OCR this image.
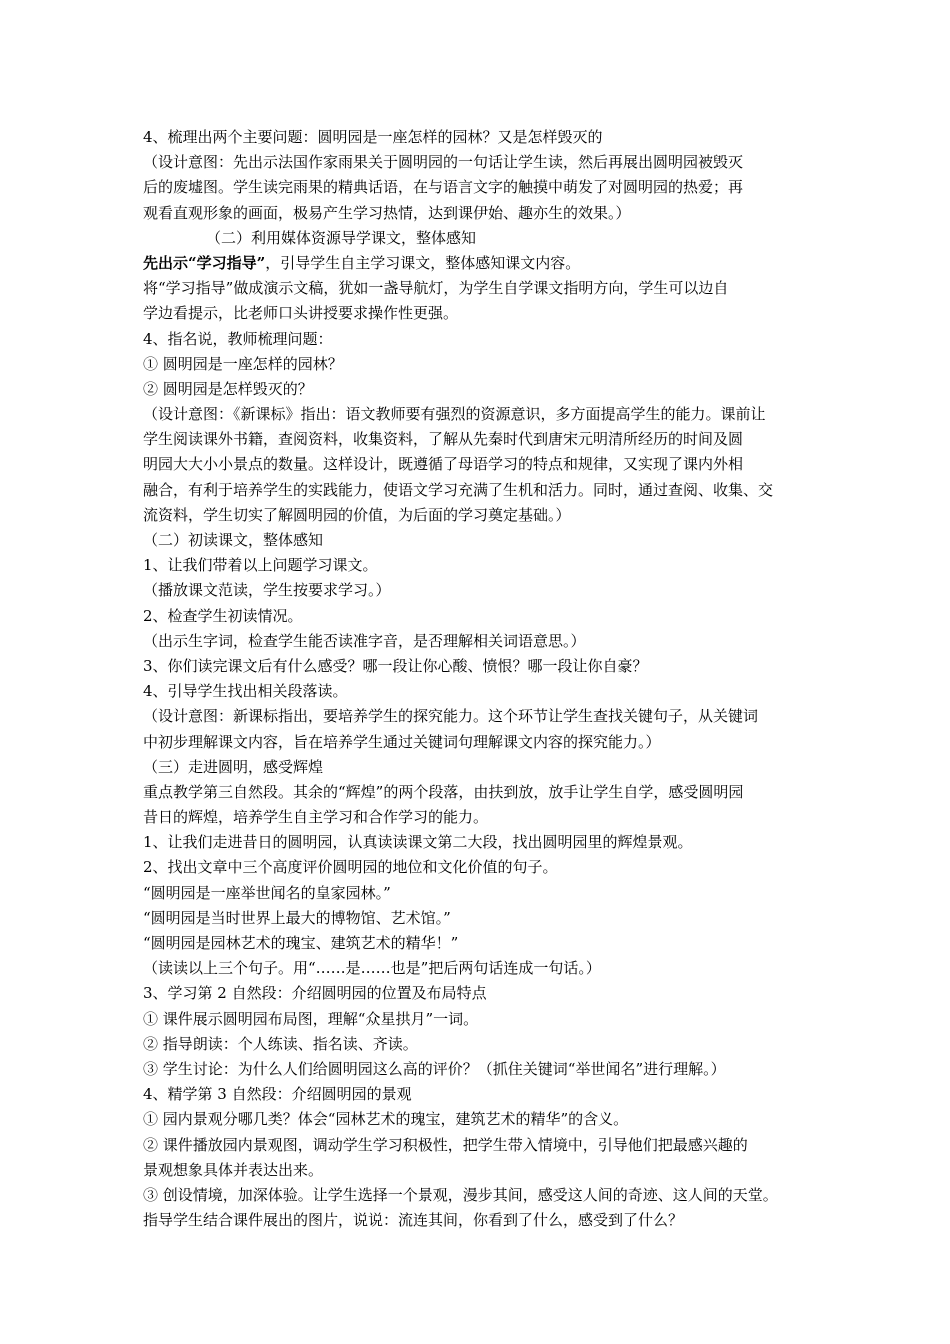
4、梳理出两个主要问题：圆明园是一座怎样的园林？又是怎样毁灭的
（设计意图：先出示法国作家雨果关于圆明园的一句话让学生读，然后再展出圆明园被毁灭
后的废墟图。学生读完雨果的精典话语，在与语言文字的触摸中萌发了对圆明园的热爱；再
观看直观形象的画面，极易产生学习热情，达到课伊始、趣亦生的效果。）
（二）利用媒体资源导学课文，整体感知
先出示“学习指导”，引导学生自主学习课文，整体感知课文内容。
将“学习指导”做成演示文稿，犹如一盏导航灯，为学生自学课文指明方向，学生可以边自
学边看提示，比老师口头讲授要求操作性更强。
4、指名说，教师梳理问题：
① 圆明园是一座怎样的园林？
② 圆明园是怎样毁灭的？
（设计意图：《新课标》指出：语文教师要有强烈的资源意识，多方面提高学生的能力。课前让
学生阅读课外书籍，查阅资料，收集资料，了解从先秦时代到唐宋元明清所经历的时间及圆
明园大大小小景点的数量。这样设计，既遵循了母语学习的特点和规律，又实现了课内外相
融合，有利于培养学生的实践能力，使语文学习充满了生机和活力。同时，通过查阅、收集、交
流资料，学生切实了解圆明园的价值，为后面的学习奠定基础。）
（二）初读课文，整体感知
1、让我们带着以上问题学习课文。
（播放课文范读，学生按要求学习。）
2、检查学生初读情况。
（出示生字词，检查学生能否读准字音，是否理解相关词语意思。）
3、你们读完课文后有什么感受？哪一段让你心酸、愤恨？哪一段让你自豪？
4、引导学生找出相关段落读。
（设计意图：新课标指出，要培养学生的探究能力。这个环节让学生查找关键句子，从关键词
中初步理解课文内容，旨在培养学生通过关键词句理解课文内容的探究能力。）
（三）走进圆明，感受辉煌
重点教学第三自然段。其余的“辉煌”的两个段落，由扶到放，放手让学生自学，感受圆明园
昔日的辉煌，培养学生自主学习和合作学习的能力。
1、让我们走进昔日的圆明园，认真读读课文第二大段，找出圆明园里的辉煌景观。
2、找出文章中三个高度评价圆明园的地位和文化价值的句子。
“圆明园是一座举世闻名的皇家园林。”
“圆明园是当时世界上最大的博物馆、艺术馆。”
“圆明园是园林艺术的瑰宝、建筑艺术的精华！”
（读读以上三个句子。用“……是……也是”把后两句话连成一句话。）
3、学习第 2 自然段：介绍圆明园的位置及布局特点
① 课件展示圆明园布局图，理解“众星拱月”一词。
② 指导朗读：个人练读、指名读、齐读。
③ 学生讨论：为什么人们给圆明园这么高的评价？（抓住关键词“举世闻名”进行理解。）
4、精学第 3 自然段：介绍圆明园的景观
① 园内景观分哪几类？体会“园林艺术的瑰宝，建筑艺术的精华”的含义。
② 课件播放园内景观图，调动学生学习积极性，把学生带入情境中，引导他们把最感兴趣的
景观想象具体并表达出来。
③ 创设情境，加深体验。让学生选择一个景观，漫步其间，感受这人间的奇迹、这人间的天堂。
指导学生结合课件展出的图片，说说：流连其间，你看到了什么，感受到了什么？
